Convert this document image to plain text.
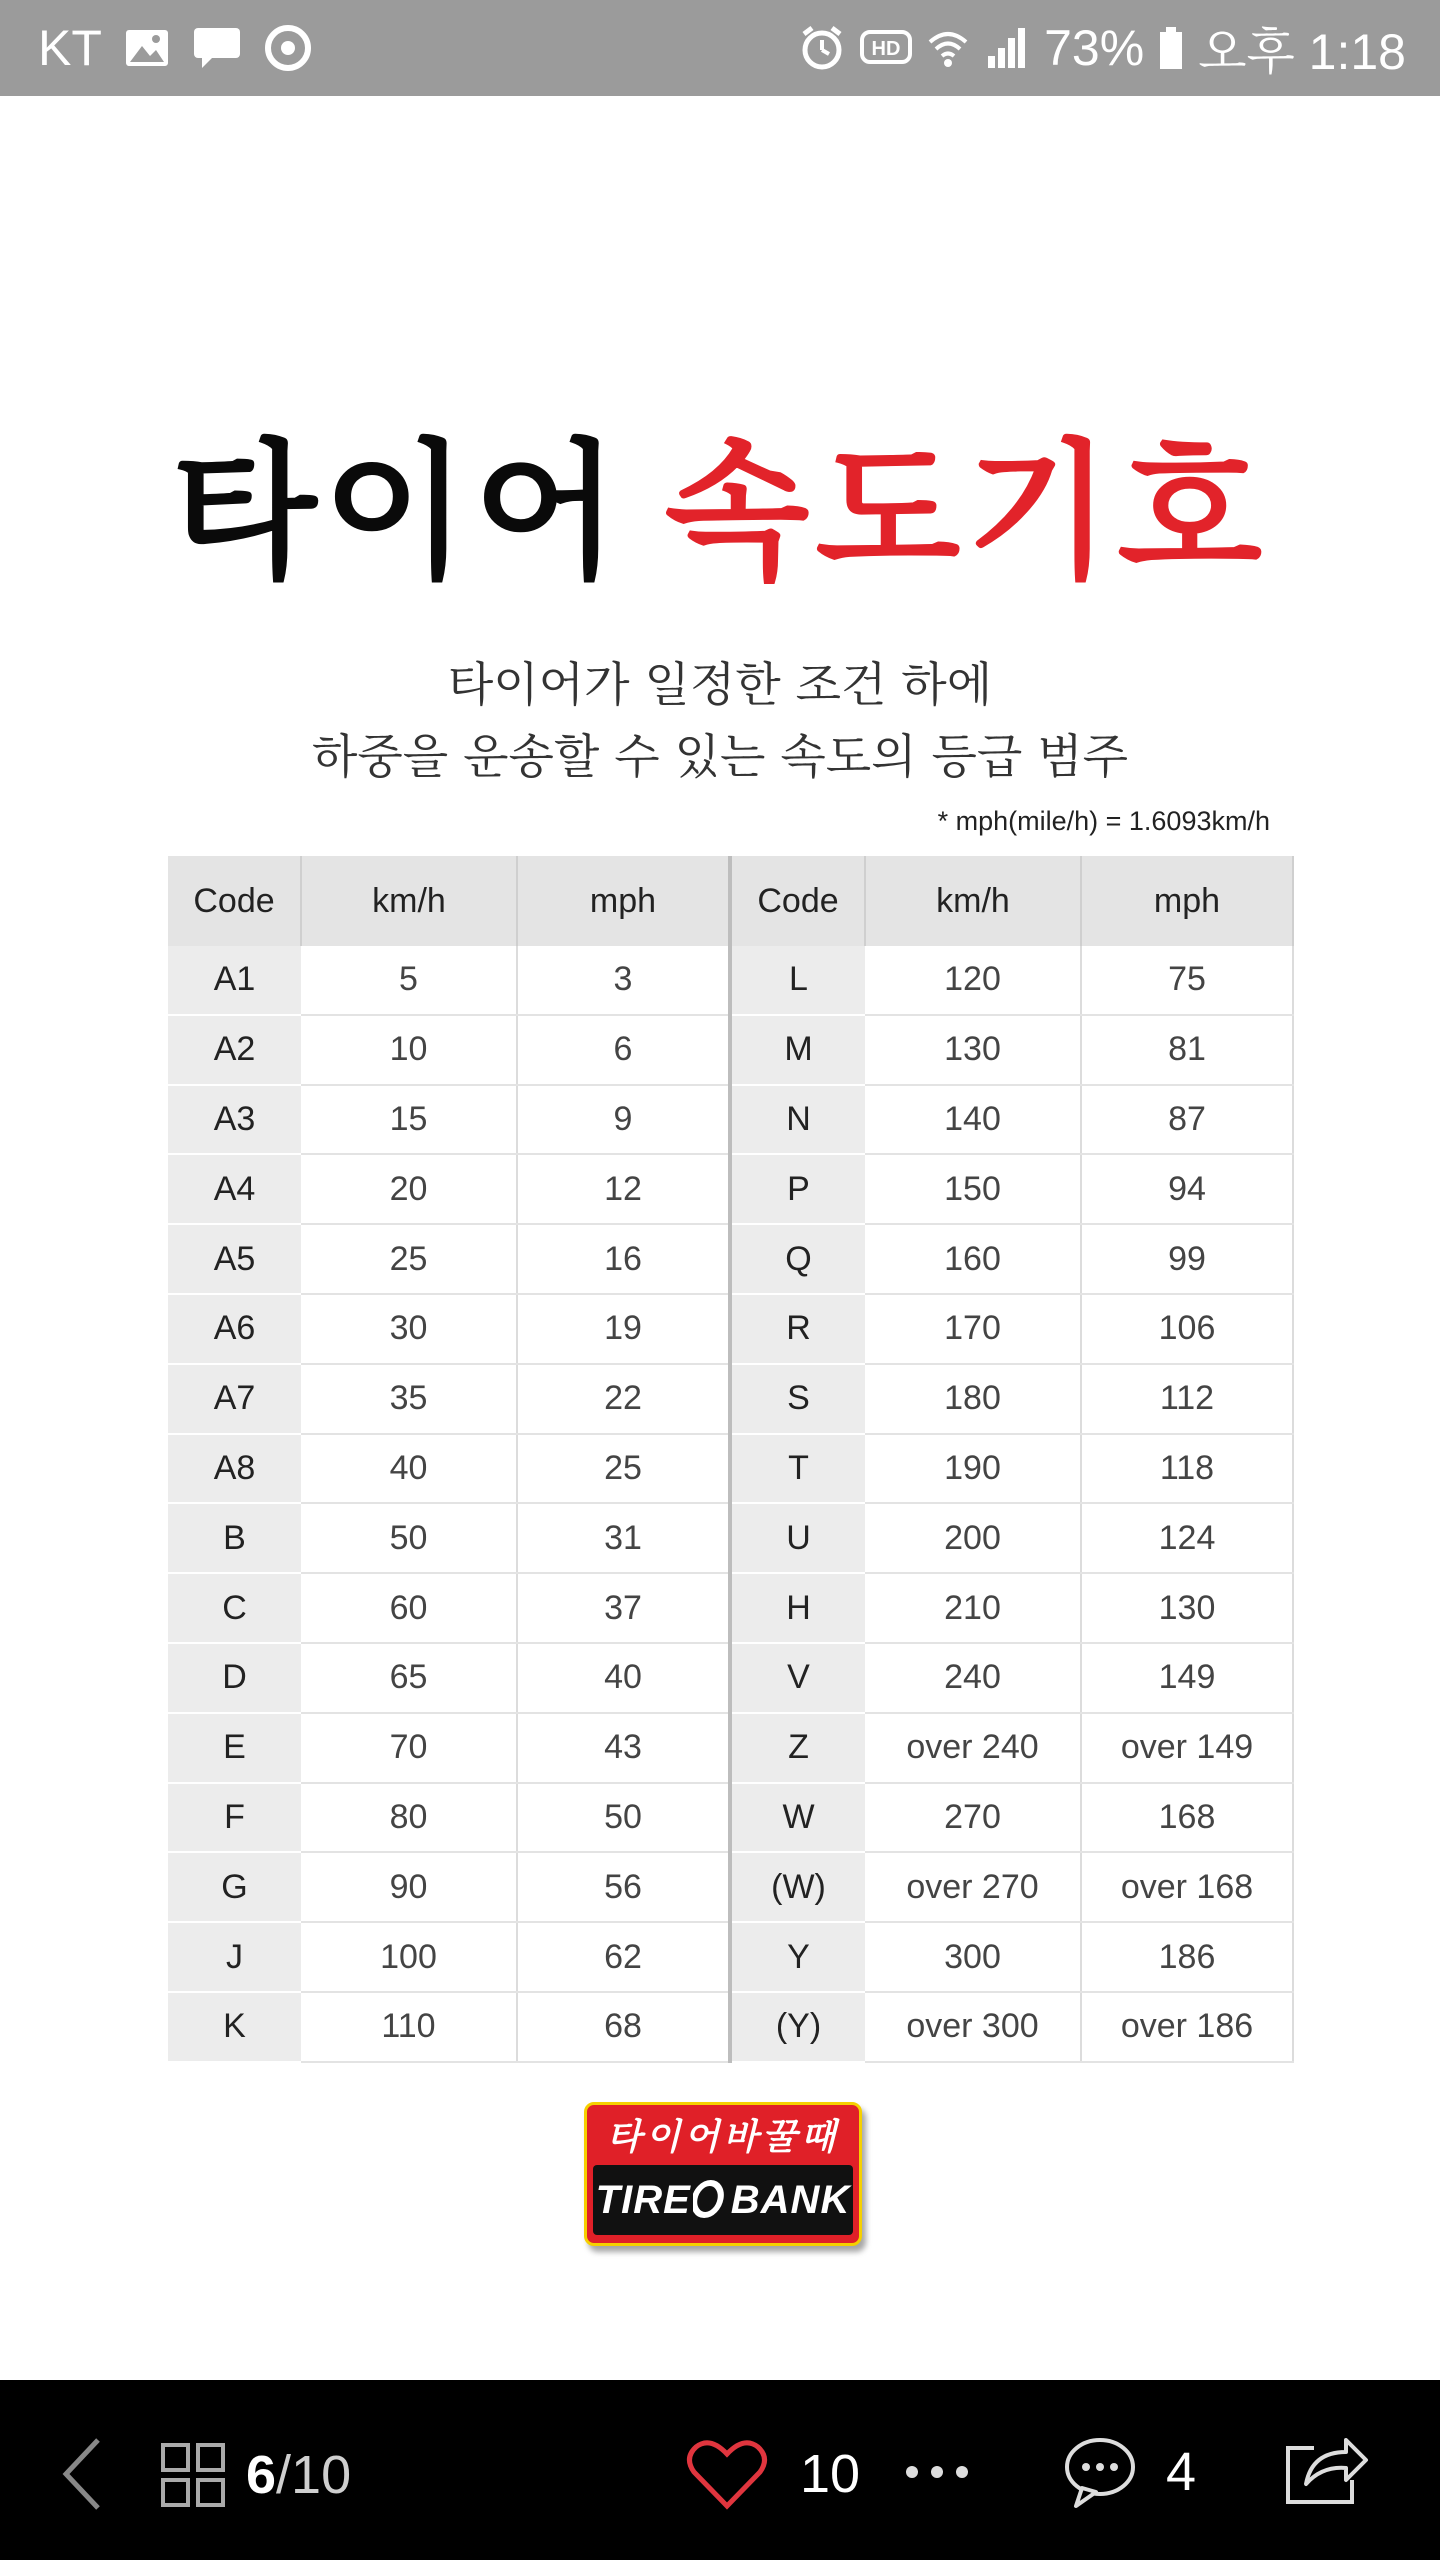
KT	HD	73% 오후 1:18
타이어 속도기호
타이어가 일정한 조건 하에
하중을 운송할 수 있는 속도의 등급 범주
* mph(mile/h) = 1.6093km/h
Code	km/h	mph	Code	km/h	mph
A1	5	3	L	120	75
A2	10	6	M	130	81
A3	15	9	N	140	87
A4	20	12	P	150	94
A5	25	16	Q	160	99
A6	30	19	R	170	106
A7	35	22	S	180	112
A8	40	25	T	190	118
B	50	31	U	200	124
C	60	37	H	210	130
D	65	40	V	240	149
E	70	43	Z	over 240	over 149
F	80	50	W	270	168
G	90	56	(W)	over 270	over 168
J	100	62	Y	300	186
K	110	68	(Y)	over 300	over 186
타이어바꿀때
TIRE BANK
6 /10	10	4
